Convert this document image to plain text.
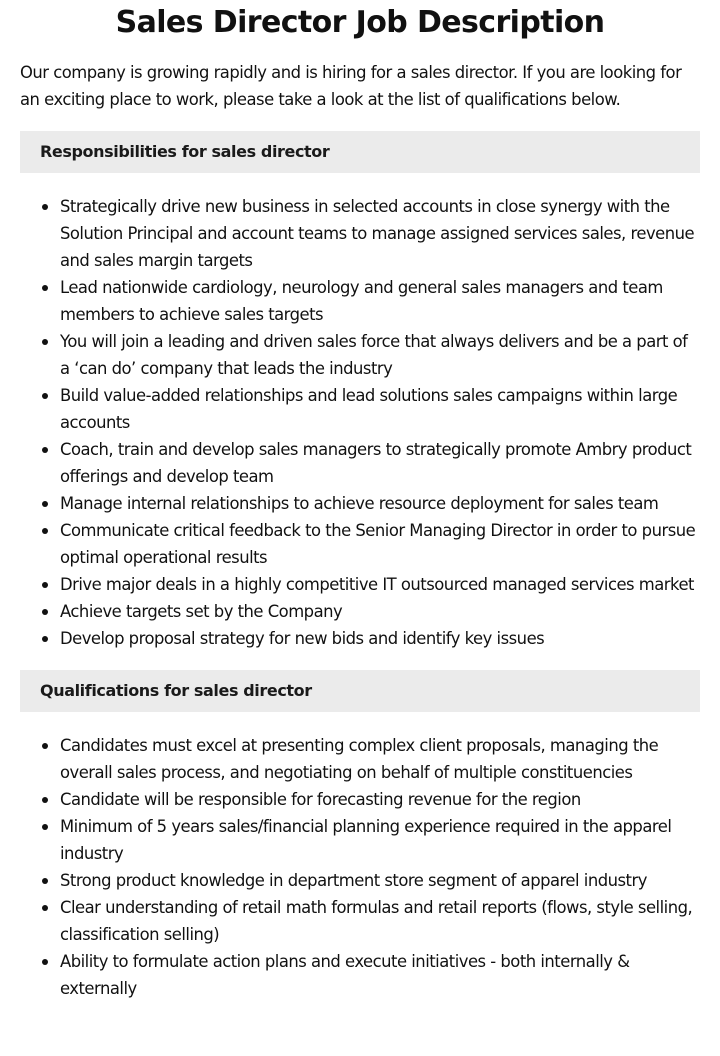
Sales Director Job Description

Our company is growing rapidly and is hiring for a sales director. If you are looking for an exciting place to work, please take a look at the list of qualifications below.

Responsibilities for sales director
Strategically drive new business in selected accounts in close synergy with the Solution Principal and account teams to manage assigned services sales, revenue and sales margin targets
Lead nationwide cardiology, neurology and general sales managers and team members to achieve sales targets
You will join a leading and driven sales force that always delivers and be a part of a ‘can do’ company that leads the industry
Build value-added relationships and lead solutions sales campaigns within large accounts
Coach, train and develop sales managers to strategically promote Ambry product offerings and develop team
Manage internal relationships to achieve resource deployment for sales team
Communicate critical feedback to the Senior Managing Director in order to pursue optimal operational results
Drive major deals in a highly competitive IT outsourced managed services market
Achieve targets set by the Company
Develop proposal strategy for new bids and identify key issues
Qualifications for sales director
Candidates must excel at presenting complex client proposals, managing the overall sales process, and negotiating on behalf of multiple constituencies
Candidate will be responsible for forecasting revenue for the region
Minimum of 5 years sales/financial planning experience required in the apparel industry
Strong product knowledge in department store segment of apparel industry
Clear understanding of retail math formulas and retail reports (flows, style selling, classification selling)
Ability to formulate action plans and execute initiatives - both internally & externally
